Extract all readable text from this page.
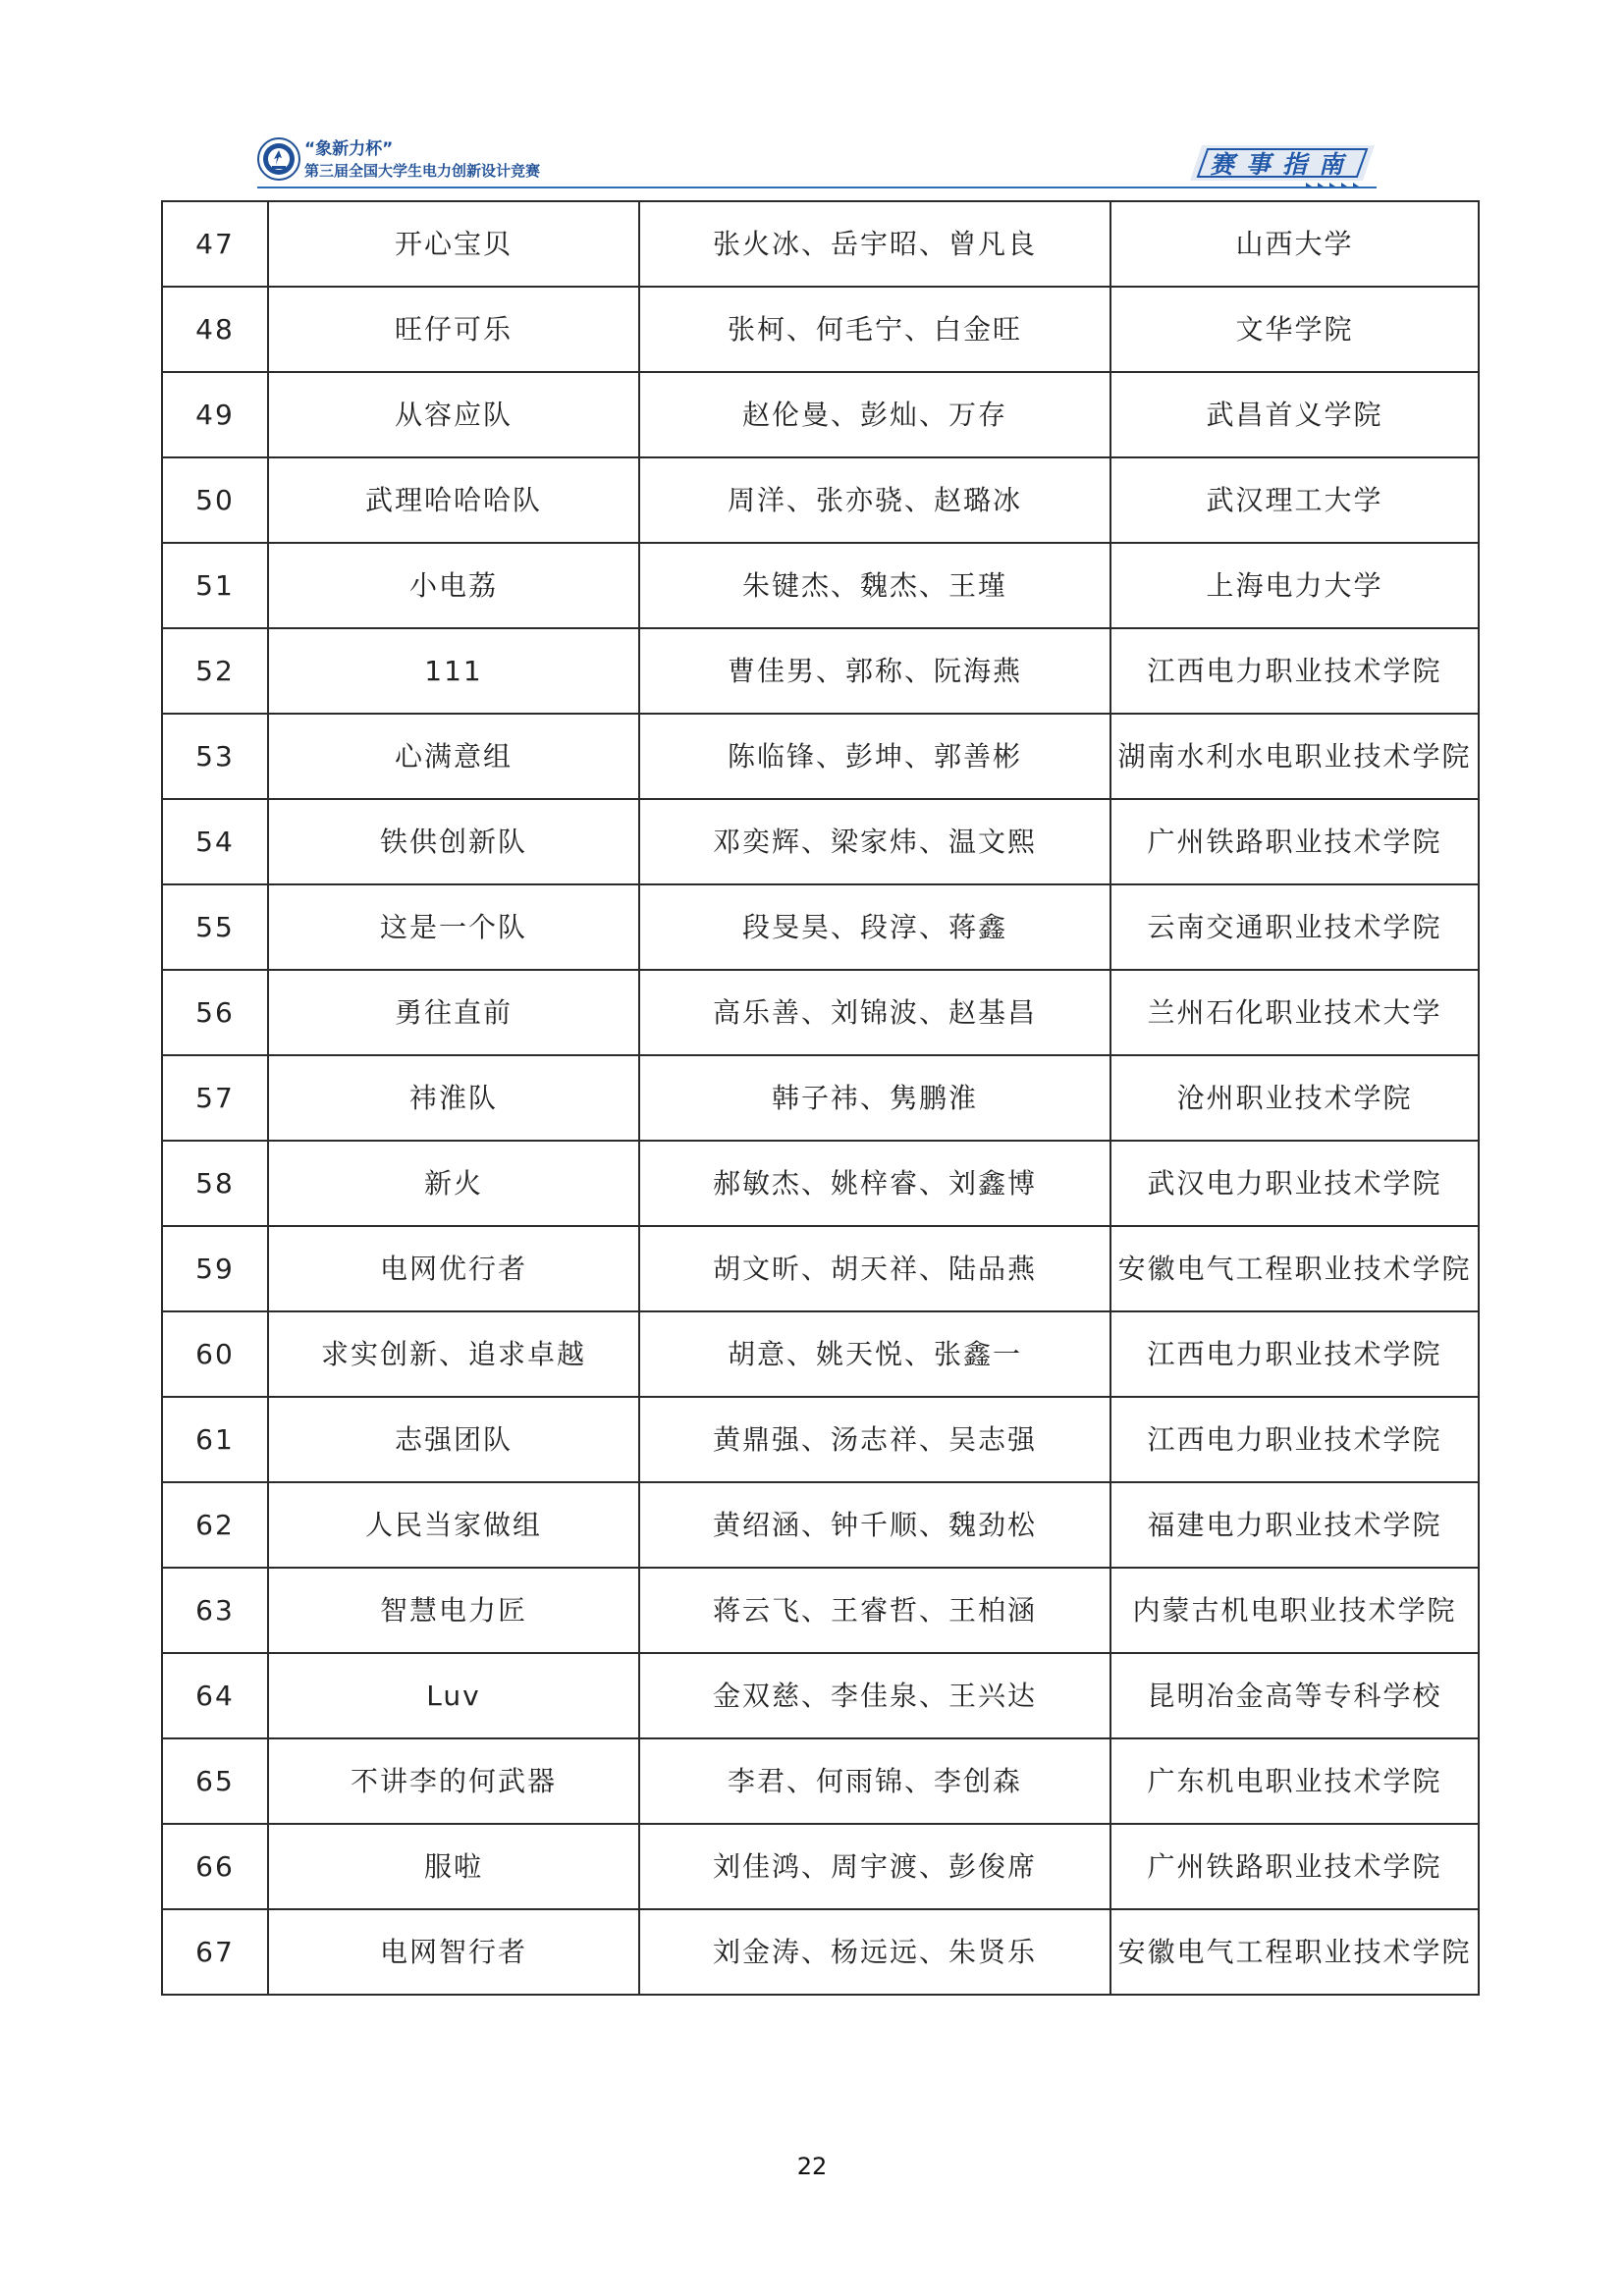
“象新力杯”
第三届全国大学生电力创新设计竞赛	赛事指南
47	开心宝贝	张火冰、岳宇昭、曾凡良	山西大学
48	旺仔可乐	张柯、何毛宁、白金旺	文华学院
49	从容应队	赵伦曼、彭灿、万存	武昌首义学院
50	武理哈哈哈队	周洋、张亦骁、赵璐冰	武汉理工大学
51	小电荔	朱键杰、魏杰、王瑾	上海电力大学
52	111	曹佳男、郭称、阮海燕	江西电力职业技术学院
53	心满意组	陈临锋、彭坤、郭善彬	湖南水利水电职业技术学院
54	铁供创新队	邓奕辉、梁家炜、温文熙	广州铁路职业技术学院
55	这是一个队	段旻昊、段淳、蒋鑫	云南交通职业技术学院
56	勇往直前	高乐善、刘锦波、赵基昌	兰州石化职业技术大学
57	祎淮队	韩子祎、隽鹏淮	沧州职业技术学院
58	新火	郝敏杰、姚梓睿、刘鑫博	武汉电力职业技术学院
59	电网优行者	胡文昕、胡天祥、陆品燕	安徽电气工程职业技术学院
60	求实创新、追求卓越	胡意、姚天悦、张鑫一	江西电力职业技术学院
61	志强团队	黄鼎强、汤志祥、吴志强	江西电力职业技术学院
62	人民当家做组	黄绍涵、钟千顺、魏劲松	福建电力职业技术学院
63	智慧电力匠	蒋云飞、王睿哲、王柏涵	内蒙古机电职业技术学院
64	Luv	金双慈、李佳泉、王兴达	昆明冶金高等专科学校
65	不讲李的何武器	李君、何雨锦、李创森	广东机电职业技术学院
66	服啦	刘佳鸿、周宇渡、彭俊席	广州铁路职业技术学院
67	电网智行者	刘金涛、杨远远、朱贤乐	安徽电气工程职业技术学院
22
